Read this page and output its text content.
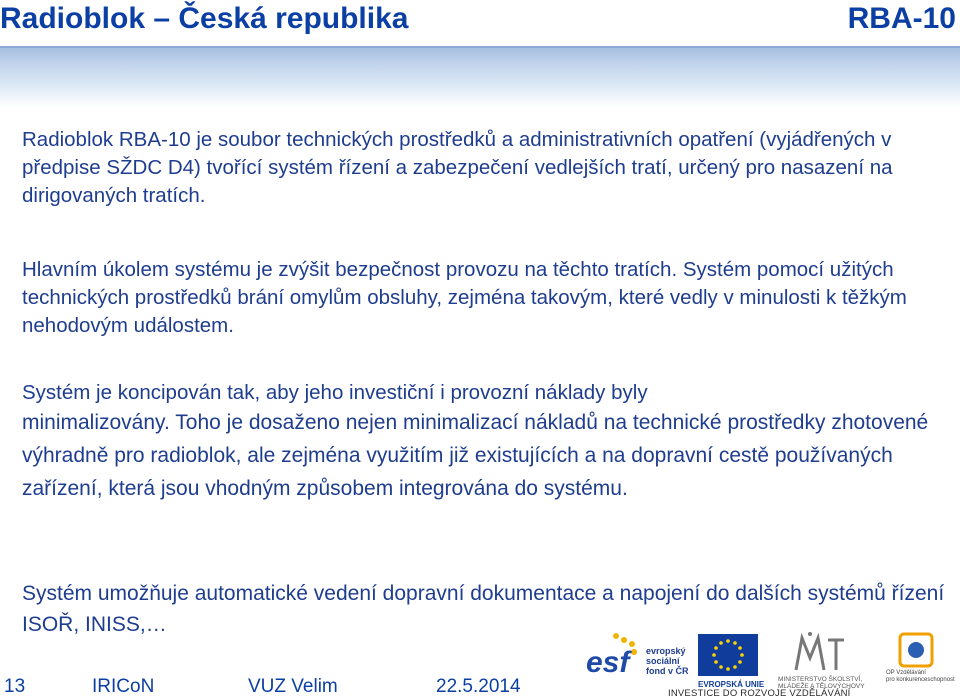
Radioblok – Česká republika	RBA-10

Radioblok RBA-10 je soubor technických prostředků a administrativních opatření (vyjádřených v předpise SŽDC D4) tvořící systém řízení a zabezpečení vedlejších tratí, určený pro nasazení na dirigovaných tratích.

Hlavním úkolem systému je zvýšit bezpečnost provozu na těchto tratích. Systém pomocí užitých technických prostředků brání omylům obsluhy, zejména takovým, které vedly v minulosti k těžkým nehodovým událostem.

Systém je koncipován tak, aby jeho investiční i provozní náklady byly
minimalizovány. Toho je dosaženo nejen minimalizací nákladů na technické prostředky zhotovené výhradně pro radioblok, ale zejména využitím již existujících a na dopravní cestě používaných zařízení, která jsou vhodným způsobem integrována do systému.

Systém umožňuje automatické vedení dopravní dokumentace a napojení do dalších systémů řízení ISOŘ, INISS,…

13	IRICoN	VUZ Velim	22.5.2014
esf	evropský
sociální
fond v ČR
EVROPSKÁ UNIE
MINISTERSTVO ŠKOLSTVÍ,
MLÁDEŽE A TĚLOVÝCHOVY
OP Vzdělávání
pro konkurenceschopnost
INVESTICE DO ROZVOJE VZDĚLÁVÁNÍ
